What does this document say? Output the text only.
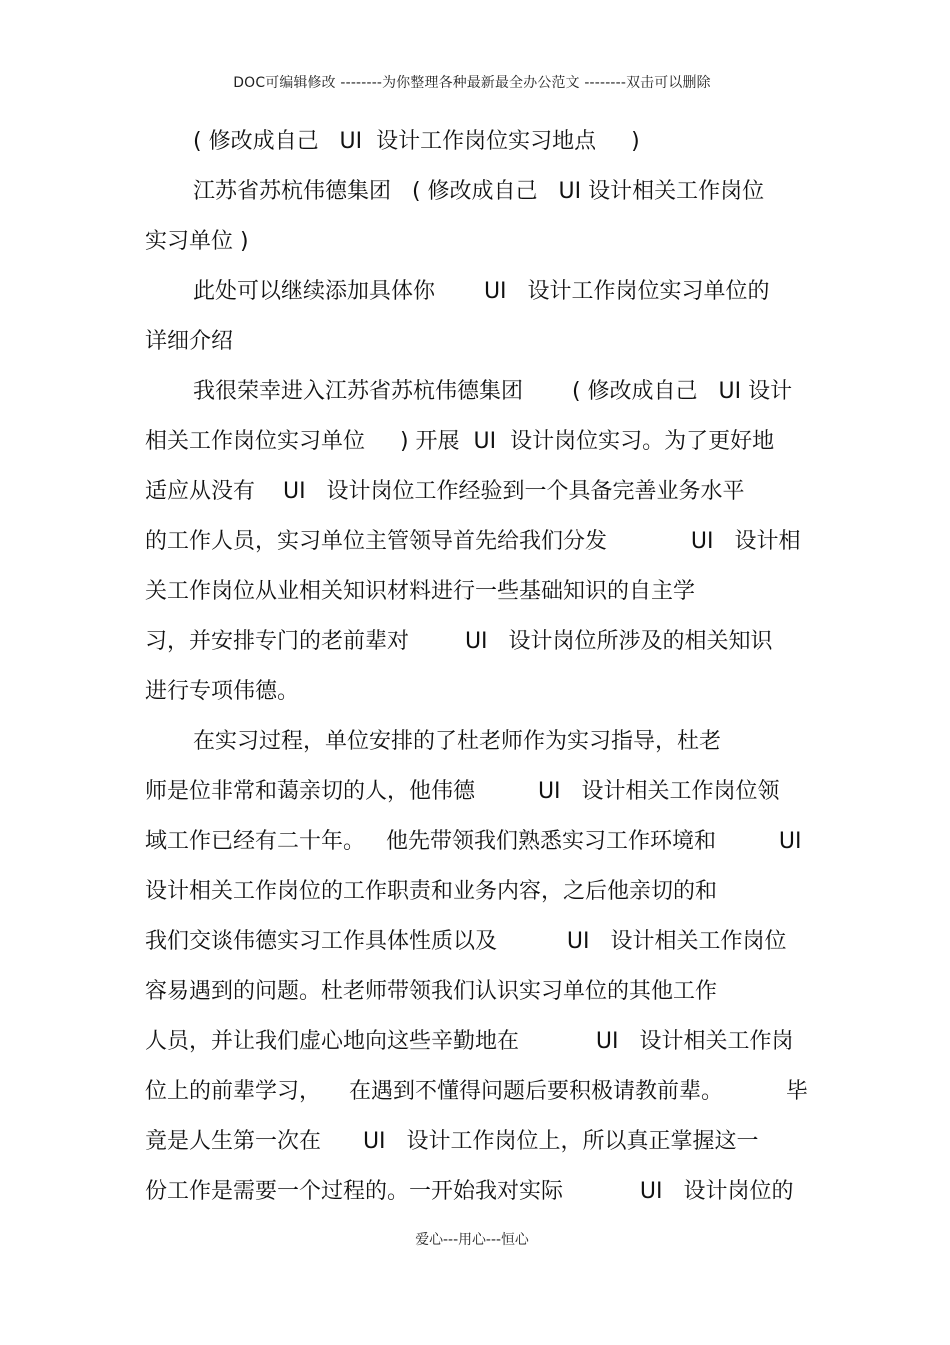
DOC可编辑修改 --------为你整理各种最新最全办公范文 --------双击可以删除
( 修改成自己   UI  设计工作岗位实习地点     )
江苏省苏杭伟德集团   ( 修改成自己   UI 设计相关工作岗位
实习单位 )
此处可以继续添加具体你       UI   设计工作岗位实习单位的
详细介绍
我很荣幸进入江苏省苏杭伟德集团       ( 修改成自己   UI 设计
相关工作岗位实习单位     ) 开展  UI  设计岗位实习。为了更好地
适应从没有    UI   设计岗位工作经验到一个具备完善业务水平
的工作人员，实习单位主管领导首先给我们分发            UI   设计相
关工作岗位从业相关知识材料进行一些基础知识的自主学
习，并安排专门的老前辈对        UI   设计岗位所涉及的相关知识
进行专项伟德。
在实习过程，单位安排的了杜老师作为实习指导，杜老
师是位非常和蔼亲切的人，他伟德         UI   设计相关工作岗位领
域工作已经有二十年。   他先带领我们熟悉实习工作环境和         UI
设计相关工作岗位的工作职责和业务内容，之后他亲切的和
我们交谈伟德实习工作具体性质以及          UI   设计相关工作岗位
容易遇到的问题。杜老师带领我们认识实习单位的其他工作
人员，并让我们虚心地向这些辛勤地在           UI   设计相关工作岗
位上的前辈学习，    在遇到不懂得问题后要积极请教前辈。         毕
竟是人生第一次在      UI   设计工作岗位上，所以真正掌握这一
份工作是需要一个过程的。一开始我对实际           UI   设计岗位的
爱心---用心---恒心
